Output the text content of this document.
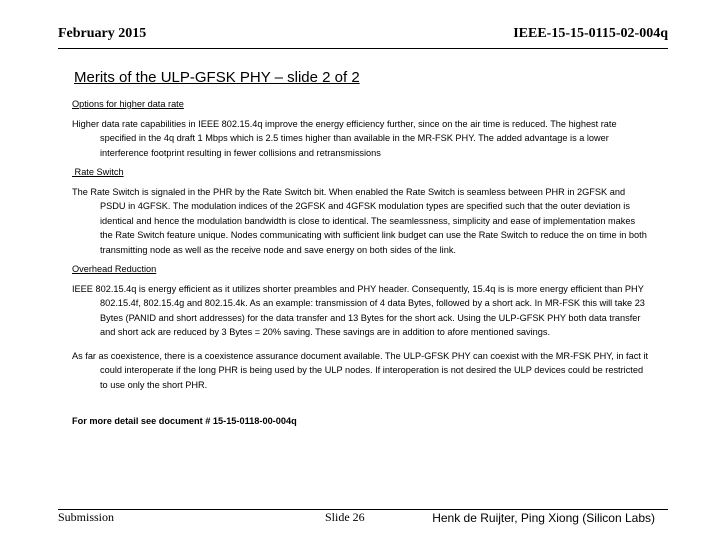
February 2015	IEEE-15-15-0115-02-004q
Merits of the ULP-GFSK PHY – slide 2 of 2
Options for higher data rate
Higher data rate capabilities in IEEE 802.15.4q improve the energy efficiency further, since on the air time is reduced. The highest rate specified in the 4q draft 1 Mbps which is 2.5 times higher than available in the MR-FSK PHY. The added advantage is a lower interference footprint resulting in fewer collisions and retransmissions
Rate Switch
The Rate Switch is signaled in the PHR by the Rate Switch bit. When enabled the Rate Switch is seamless between PHR in 2GFSK and PSDU in 4GFSK. The modulation indices of the 2GFSK and 4GFSK modulation types are specified such that the outer deviation is identical and hence the modulation bandwidth is close to identical. The seamlessness, simplicity and ease of implementation makes the Rate Switch feature unique. Nodes communicating with sufficient link budget can use the Rate Switch to reduce the on time in both transmitting node as well as the receive node and save energy on both sides of the link.
Overhead Reduction
IEEE 802.15.4q is energy efficient as it utilizes shorter preambles and PHY header. Consequently, 15.4q is is more energy efficient than PHY 802.15.4f, 802.15.4g and 802.15.4k. As an example: transmission of 4 data Bytes, followed by a short ack. In MR-FSK this will take 23 Bytes (PANID and short addresses) for the data transfer and 13 Bytes for the short ack. Using the ULP-GFSK PHY both data transfer and short ack are reduced by 3 Bytes = 20% saving. These savings are in addition to afore mentioned savings.
As far as coexistence, there is a coexistence assurance document available. The ULP-GFSK PHY can coexist with the MR-FSK PHY, in fact it could interoperate if the long PHR is being used by the ULP nodes. If interoperation is not desired the ULP devices could be restricted to use only the short PHR.
For more detail see document # 15-15-0118-00-004q
Submission	Slide 26	Henk de Ruijter, Ping Xiong (Silicon Labs)
